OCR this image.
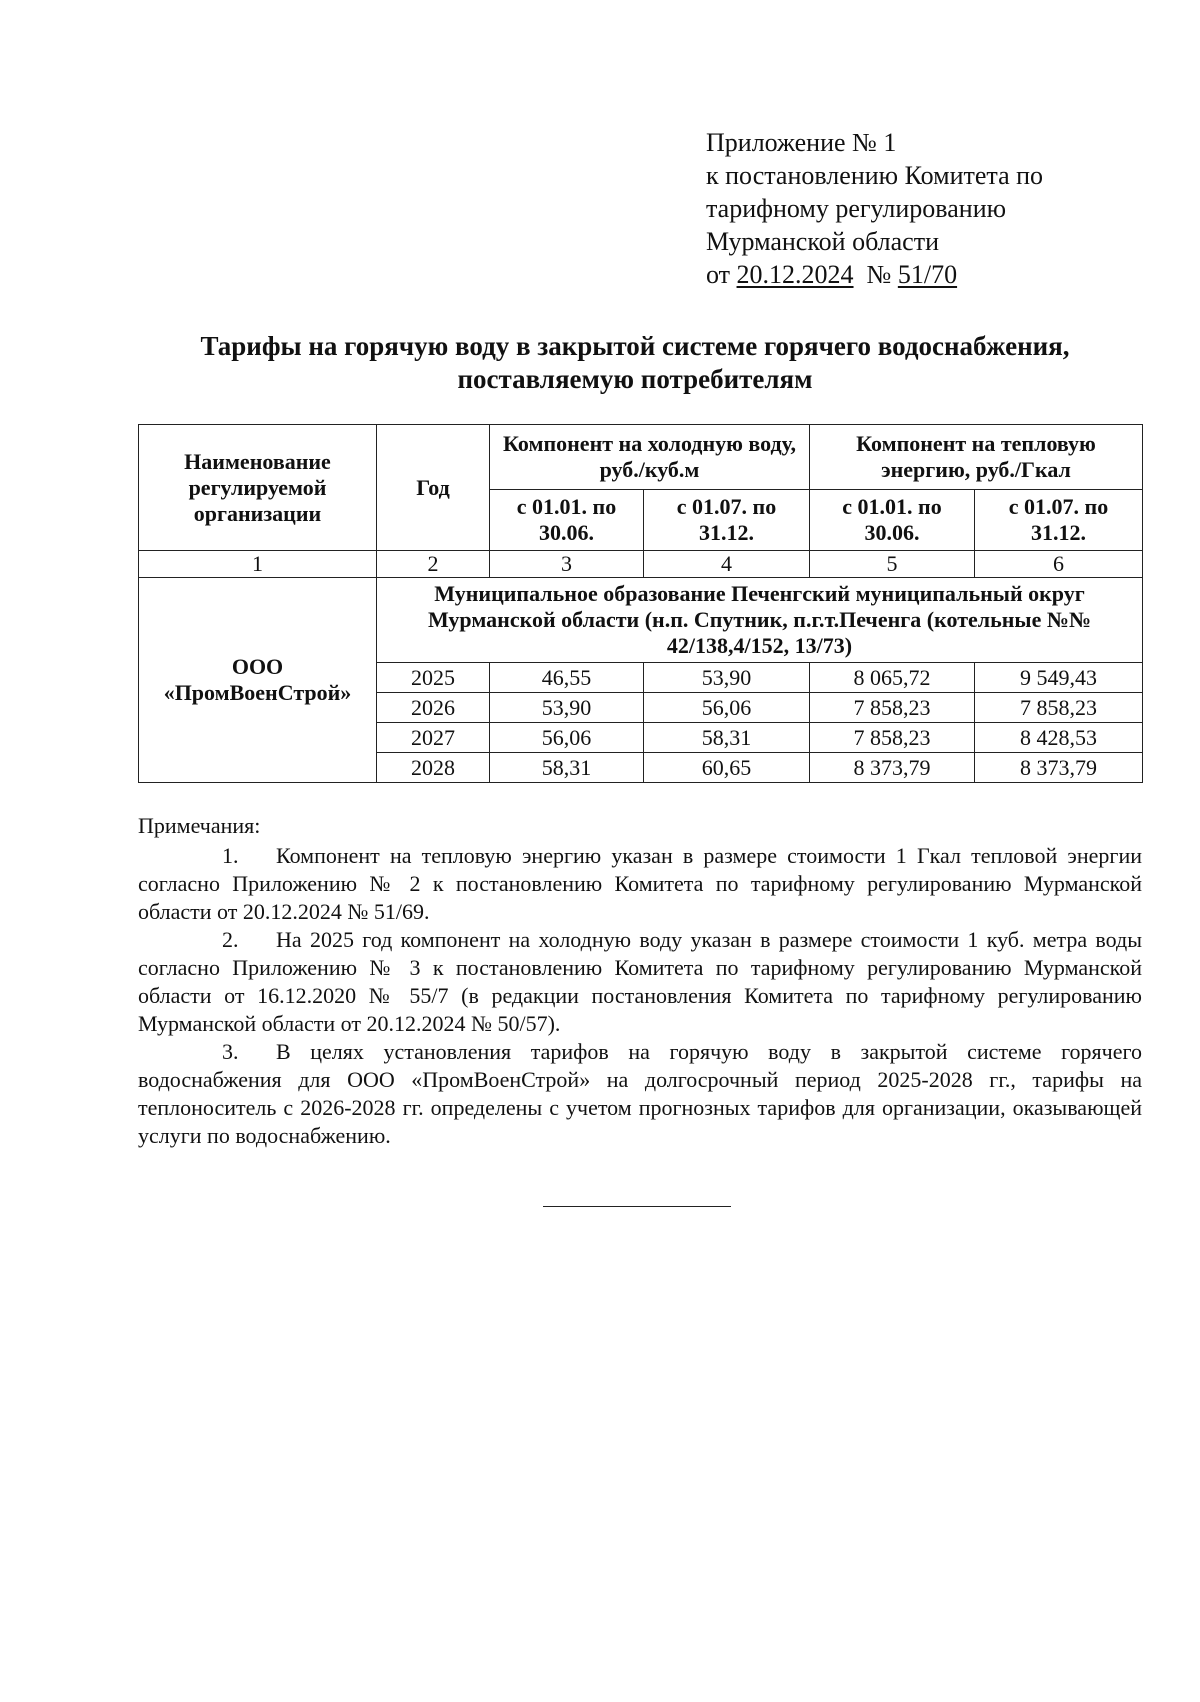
Приложение № 1
к постановлению Комитета по
тарифному регулированию
Мурманской области
от 20.12.2024 № 51/70
Тарифы на горячую воду в закрытой системе горячего водоснабжения,
поставляемую потребителям
Наименование регулируемой организации	Год	Компонент на холодную воду, руб./куб.м		Компонент на тепловую энергию, руб./Гкал	
		с 01.01. по 30.06.	с 01.07. по 31.12.	с 01.01. по 30.06.	с 01.07. по 31.12.
1	2	3	4	5	6
ООО «ПромВоенСтрой»	Муниципальное образование Печенгский муниципальный округ Мурманской области (н.п. Спутник, п.г.т.Печенга (котельные №№ 42/138,4/152, 13/73)				
	2025	46,55	53,90	8 065,72	9 549,43
	2026	53,90	56,06	7 858,23	7 858,23
	2027	56,06	58,31	7 858,23	8 428,53
	2028	58,31	60,65	8 373,79	8 373,79
Примечания:
1. Компонент на тепловую энергию указан в размере стоимости 1 Гкал тепловой энергии согласно Приложению № 2 к постановлению Комитета по тарифному регулированию Мурманской области от 20.12.2024 № 51/69.
2. На 2025 год компонент на холодную воду указан в размере стоимости 1 куб. метра воды согласно Приложению № 3 к постановлению Комитета по тарифному регулированию Мурманской области от 16.12.2020 № 55/7 (в редакции постановления Комитета по тарифному регулированию Мурманской области от 20.12.2024 № 50/57).
3. В целях установления тарифов на горячую воду в закрытой системе горячего водоснабжения для ООО «ПромВоенСтрой» на долгосрочный период 2025-2028 гг., тарифы на теплоноситель с 2026-2028 гг. определены с учетом прогнозных тарифов для организации, оказывающей услуги по водоснабжению.
